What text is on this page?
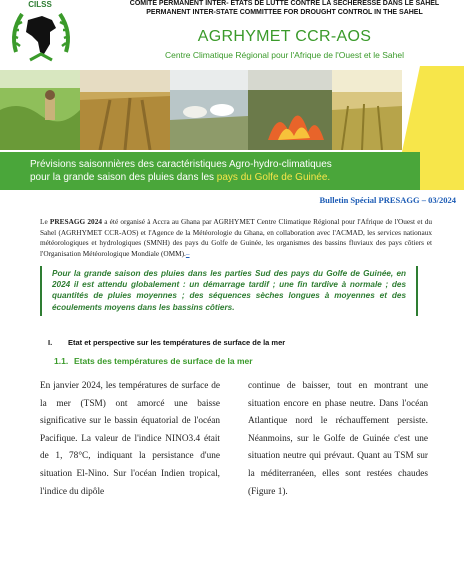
CILSS	COMITE PERMANENT INTER- ETATS DE LUTTE CONTRE LA SECHERESSE DANS LE SAHEL
PERMANENT INTER-STATE COMMITTEE FOR DROUGHT CONTROL IN THE SAHEL
AGRHYMET CCR-AOS
Centre Climatique Régional pour l'Afrique de l'Ouest et le Sahel
Prévisions saisonnières des caractéristiques Agro-hydro-climatiques
pour la grande saison des pluies dans les pays du Golfe de Guinée.
Bulletin Spécial PRESAGG – 03/2024
Le PRESAGG 2024 a été organisé à Accra au Ghana par AGRHYMET Centre Climatique Régional pour l'Afrique de l'Ouest et du Sahel (AGRHYMET CCR-AOS) et l'Agence de la Météorologie du Ghana, en collaboration avec l'ACMAD, les services nationaux météorologiques et hydrologiques (SMNH) des pays du Golfe de Guinée, les organismes des bassins fluviaux des pays côtiers et l'Organisation Météorologique Mondiale (OMM).–
Pour la grande saison des pluies dans les parties Sud des pays du Golfe de Guinée, en 2024 il est attendu globalement : un démarrage tardif ; une fin tardive à normale ; des quantités de pluies moyennes ; des séquences sèches longues à moyennes et des écoulements moyens dans les bassins côtiers.
I. Etat et perspective sur les températures de surface de la mer
1.1. Etats des températures de surface de la mer
En janvier 2024, les températures de surface de la mer (TSM) ont amorcé une baisse significative sur le bassin équatorial de l'océan Pacifique. La valeur de l'indice NINO3.4 était de 1, 78°C, indiquant la persistance d'une situation El-Nino. Sur l'océan Indien tropical, l'indice du dipôle
continue de baisser, tout en montrant une situation encore en phase neutre. Dans l'océan Atlantique nord le réchauffement persiste. Néanmoins, sur le Golfe de Guinée c'est une situation neutre qui prévaut. Quant au TSM sur la méditerranéen, elles sont restées chaudes (Figure 1).
